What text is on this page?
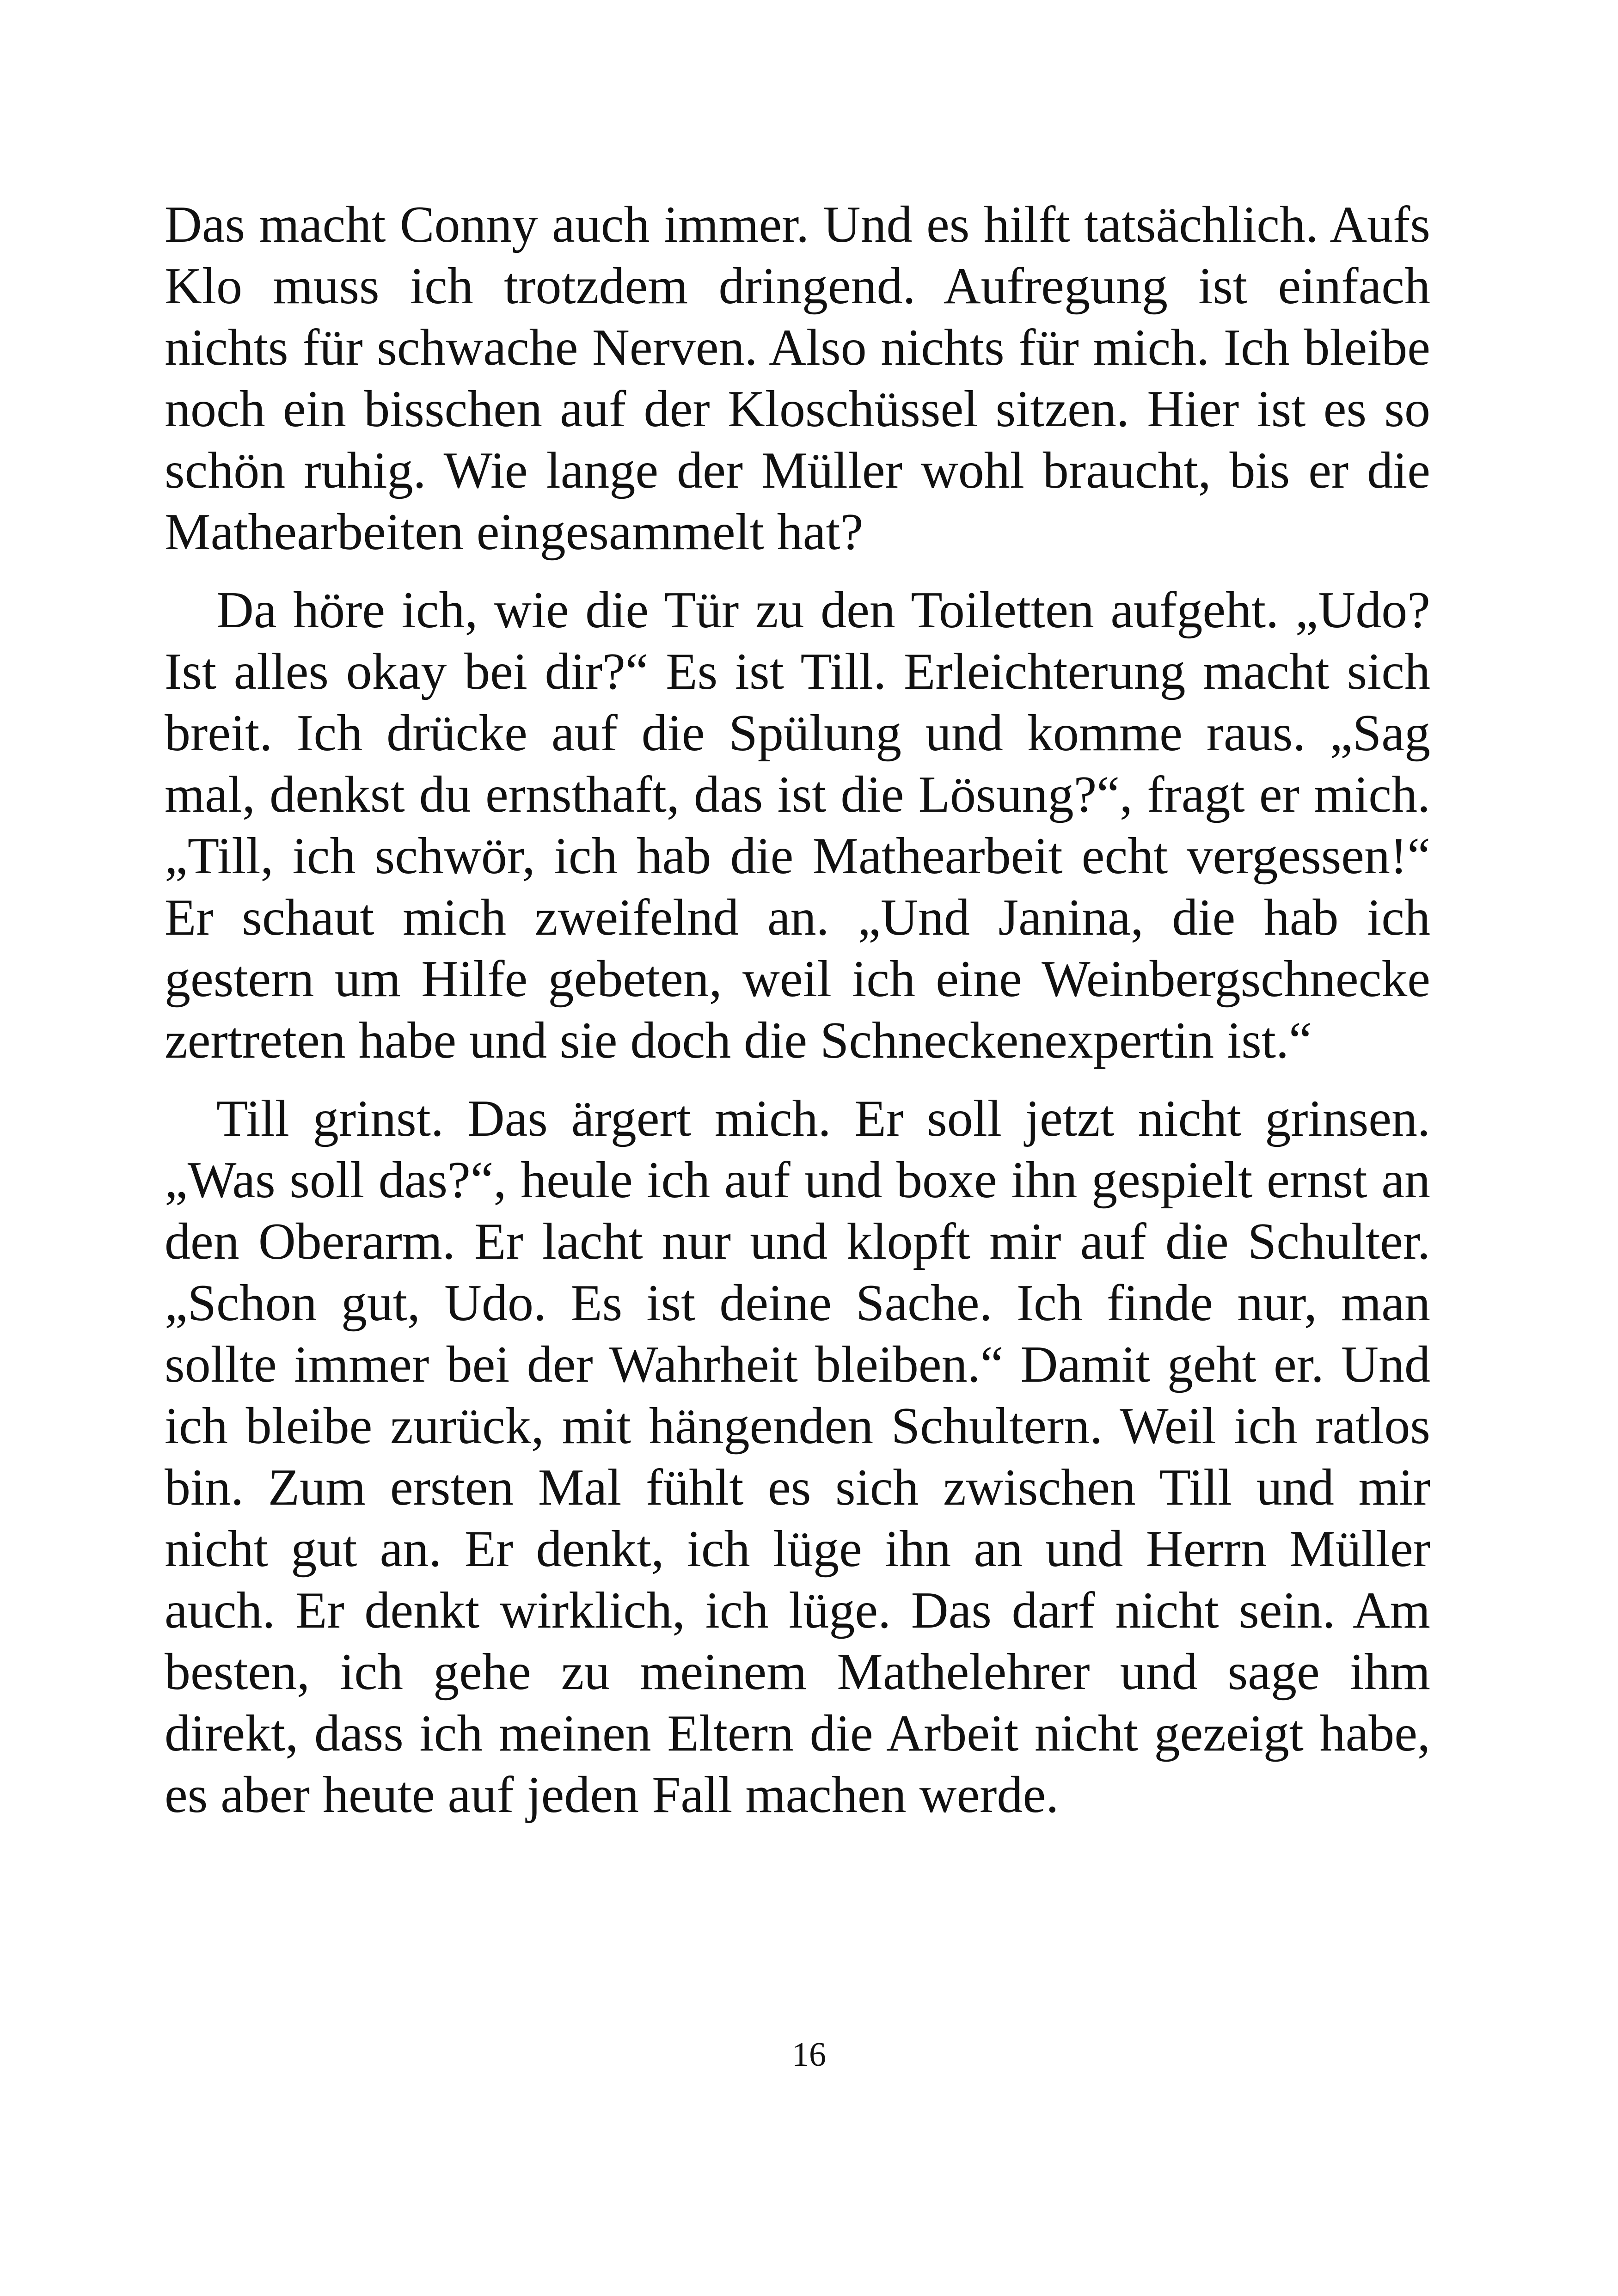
Das macht Conny auch immer. Und es hilft tatsächlich. Aufs Klo muss ich trotzdem dringend. Aufregung ist einfach nichts für schwache Nerven. Also nichts für mich. Ich bleibe noch ein bisschen auf der Kloschüssel sitzen. Hier ist es so schön ruhig. Wie lange der Müller wohl braucht, bis er die Mathearbeiten eingesammelt hat?

Da höre ich, wie die Tür zu den Toiletten aufgeht. „Udo? Ist alles okay bei dir?“ Es ist Till. Erleichterung macht sich breit. Ich drücke auf die Spülung und komme raus. „Sag mal, denkst du ernsthaft, das ist die Lösung?“, fragt er mich. „Till, ich schwör, ich hab die Mathearbeit echt vergessen!“ Er schaut mich zweifelnd an. „Und Janina, die hab ich gestern um Hilfe gebeten, weil ich eine Weinbergschnecke zertreten habe und sie doch die Schneckenexpertin ist.“

Till grinst. Das ärgert mich. Er soll jetzt nicht grinsen. „Was soll das?“, heule ich auf und boxe ihn gespielt ernst an den Oberarm. Er lacht nur und klopft mir auf die Schulter. „Schon gut, Udo. Es ist deine Sache. Ich finde nur, man sollte immer bei der Wahrheit bleiben.“ Damit geht er. Und ich bleibe zurück, mit hängenden Schultern. Weil ich ratlos bin. Zum ersten Mal fühlt es sich zwischen Till und mir nicht gut an. Er denkt, ich lüge ihn an und Herrn Müller auch. Er denkt wirklich, ich lüge. Das darf nicht sein. Am besten, ich gehe zu meinem Mathelehrer und sage ihm direkt, dass ich meinen Eltern die Arbeit nicht gezeigt habe, es aber heute auf jeden Fall machen werde.

16
